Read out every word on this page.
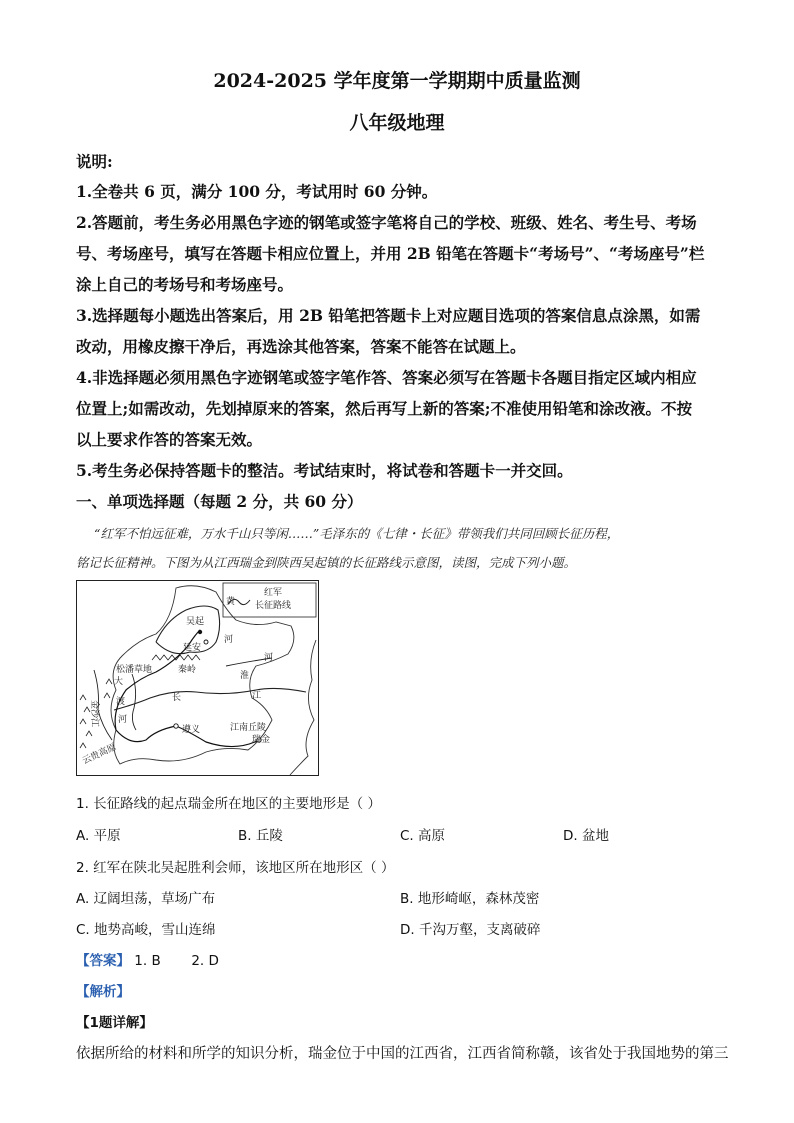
2024-2025 学年度第一学期期中质量监测
八年级地理
说明:
1.全卷共 6 页，满分 100 分，考试用时 60 分钟。
2.答题前，考生务必用黑色字迹的钢笔或签字笔将自己的学校、班级、姓名、考生号、考场
号、考场座号，填写在答题卡相应位置上，并用 2B 铅笔在答题卡“考场号”、“考场座号”栏
涂上自己的考场号和考场座号。
3.选择题每小题选出答案后，用 2B 铅笔把答题卡上对应题目选项的答案信息点涂黑，如需
改动，用橡皮擦干净后，再选涂其他答案，答案不能答在试题上。
4.非选择题必须用黑色字迹钢笔或签字笔作答、答案必须写在答题卡各题目指定区域内相应
位置上;如需改动，先划掉原来的答案，然后再写上新的答案;不准使用铅笔和涂改液。不按
以上要求作答的答案无效。
5.考生务必保持答题卡的整洁。考试结束时，将试卷和答题卡一并交回。
一、单项选择题（每题 2 分，共 60 分）
“红军不怕远征难，万水千山只等闲……”毛泽东的《七律・长征》带领我们共同回顾长征历程，
铭记长征精神。下图为从江西瑞金到陕西吴起镇的长征路线示意图，读图，完成下列小题。
红军
长征路线
吴起
延安
黄
河
河
松潘草地	秦岭
淮
长	江
大
渡
河
金沙江
遵义	江南丘陵
瑞金
云贵高原
1. 长征路线的起点瑞金所在地区的主要地形是（ ）
A. 平原	B. 丘陵	C. 高原	D. 盆地
2. 红军在陕北吴起胜利会师，该地区所在地形区（ ）
A. 辽阔坦荡，草场广布	B. 地形崎岖，森林茂密
C. 地势高峻，雪山连绵	D. 千沟万壑，支离破碎
【答案】 1. B 2. D
【解析】
【1题详解】
依据所给的材料和所学的知识分析，瑞金位于中国的江西省，江西省简称赣，该省处于我国地势的第三
